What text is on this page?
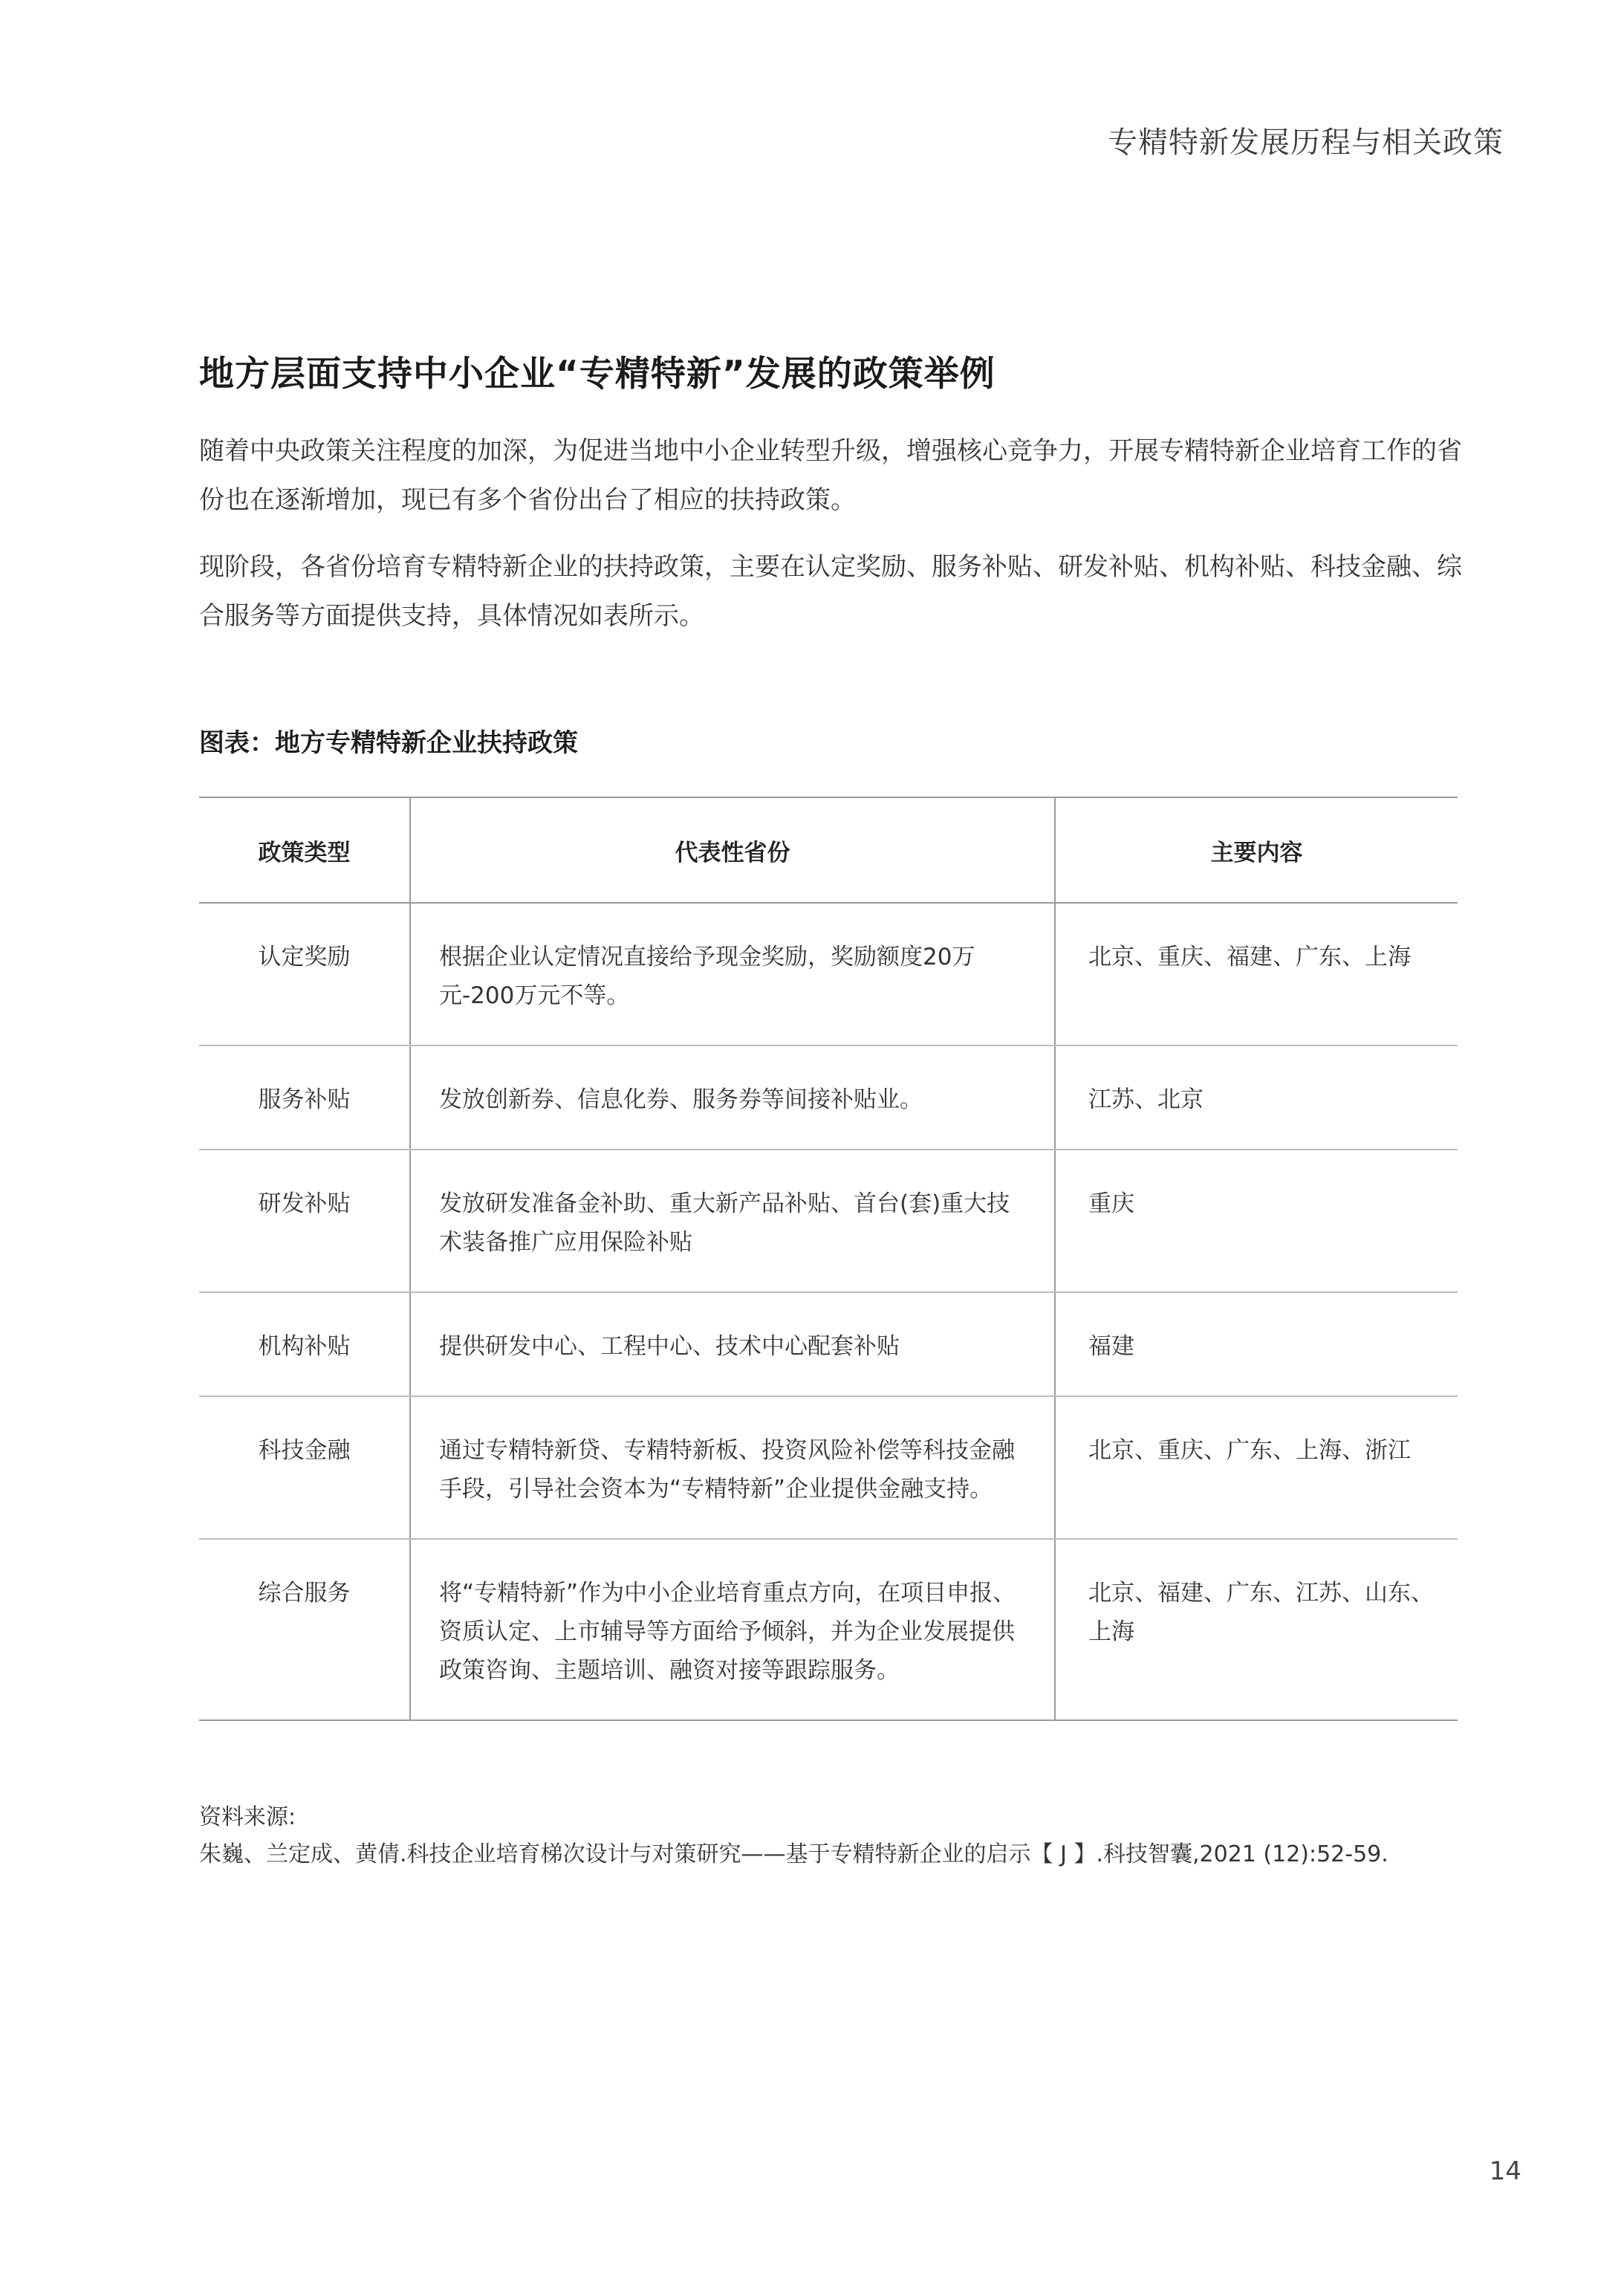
专精特新发展历程与相关政策
地方层面支持中小企业“专精特新”发展的政策举例

随着中央政策关注程度的加深，为促进当地中小企业转型升级，增强核心竞争力，开展专精特新企业培育工作的省份也在逐渐增加，现已有多个省份出台了相应的扶持政策。

现阶段，各省份培育专精特新企业的扶持政策，主要在认定奖励、服务补贴、研发补贴、机构补贴、科技金融、综合服务等方面提供支持，具体情况如表所示。

图表：地方专精特新企业扶持政策
政策类型	代表性省份	主要内容
认定奖励	根据企业认定情况直接给予现金奖励，奖励额度20万元-200万元不等。	北京、重庆、福建、广东、上海
服务补贴	发放创新券、信息化券、服务券等间接补贴业。	江苏、北京
研发补贴	发放研发准备金补助、重大新产品补贴、首台(套)重大技术装备推广应用保险补贴	重庆
机构补贴	提供研发中心、工程中心、技术中心配套补贴	福建
科技金融	通过专精特新贷、专精特新板、投资风险补偿等科技金融手段，引导社会资本为“专精特新”企业提供金融支持。	北京、重庆、广东、上海、浙江
综合服务	将“专精特新”作为中小企业培育重点方向，在项目申报、资质认定、上市辅导等方面给予倾斜，并为企业发展提供政策咨询、主题培训、融资对接等跟踪服务。	北京、福建、广东、江苏、山东、上海
资料来源:
朱巍、兰定成、黄倩.科技企业培育梯次设计与对策研究——基于专精特新企业的启示【 J 】.科技智囊,2021 (12):52-59.
14
